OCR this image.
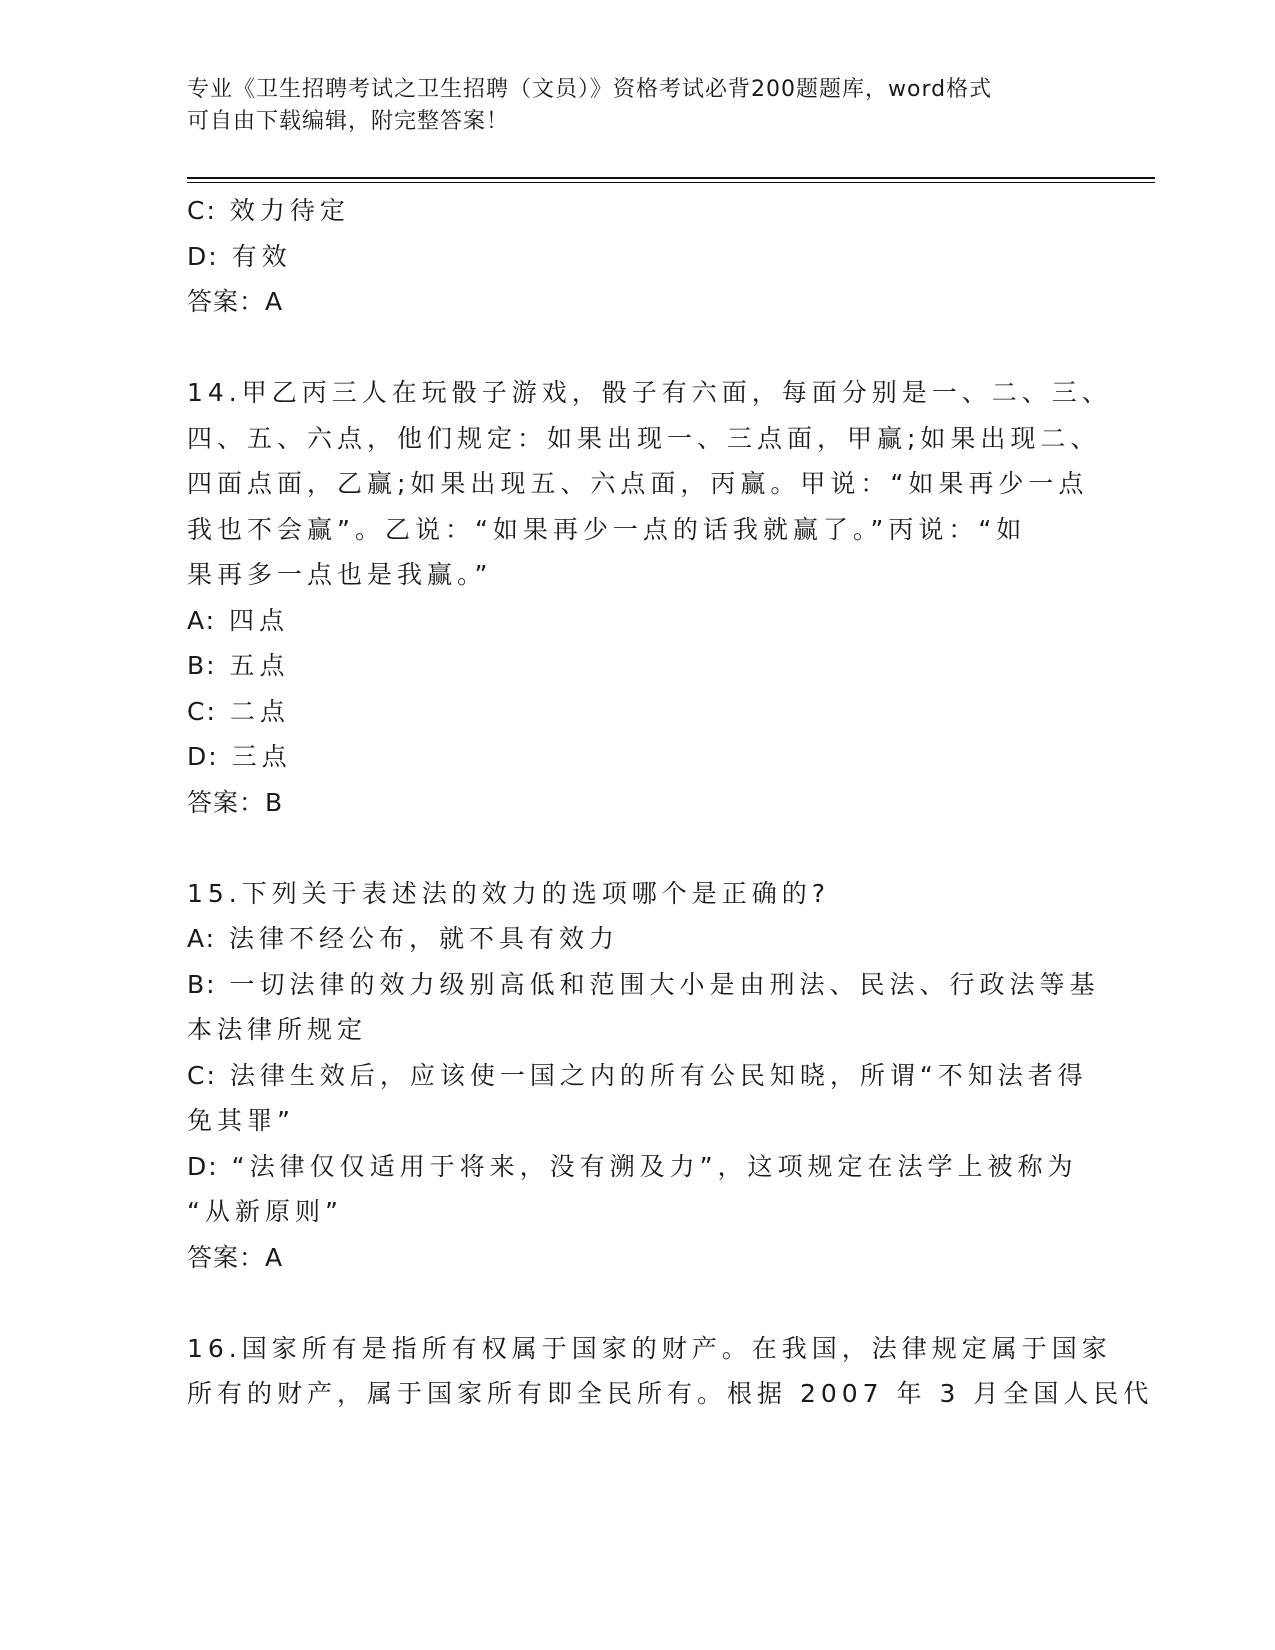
专业《卫生招聘考试之卫生招聘（文员）》资格考试必背200题题库，word格式
可自由下载编辑，附完整答案！
C: 效力待定
D: 有效
答案：A
14.甲乙丙三人在玩骰子游戏，骰子有六面，每面分别是一、二、三、
四、五、六点，他们规定：如果出现一、三点面，甲赢;如果出现二、
四面点面，乙赢;如果出现五、六点面，丙赢。甲说：“如果再少一点
我也不会赢”。乙说：“如果再少一点的话我就赢了。”丙说：“如
果再多一点也是我赢。”
A: 四点
B: 五点
C: 二点
D: 三点
答案：B
15.下列关于表述法的效力的选项哪个是正确的?
A: 法律不经公布，就不具有效力
B: 一切法律的效力级别高低和范围大小是由刑法、民法、行政法等基
本法律所规定
C: 法律生效后，应该使一国之内的所有公民知晓，所谓“不知法者得
免其罪”
D: “法律仅仅适用于将来，没有溯及力”，这项规定在法学上被称为
“从新原则”
答案：A
16.国家所有是指所有权属于国家的财产。在我国，法律规定属于国家
所有的财产，属于国家所有即全民所有。根据 2007 年 3 月全国人民代
